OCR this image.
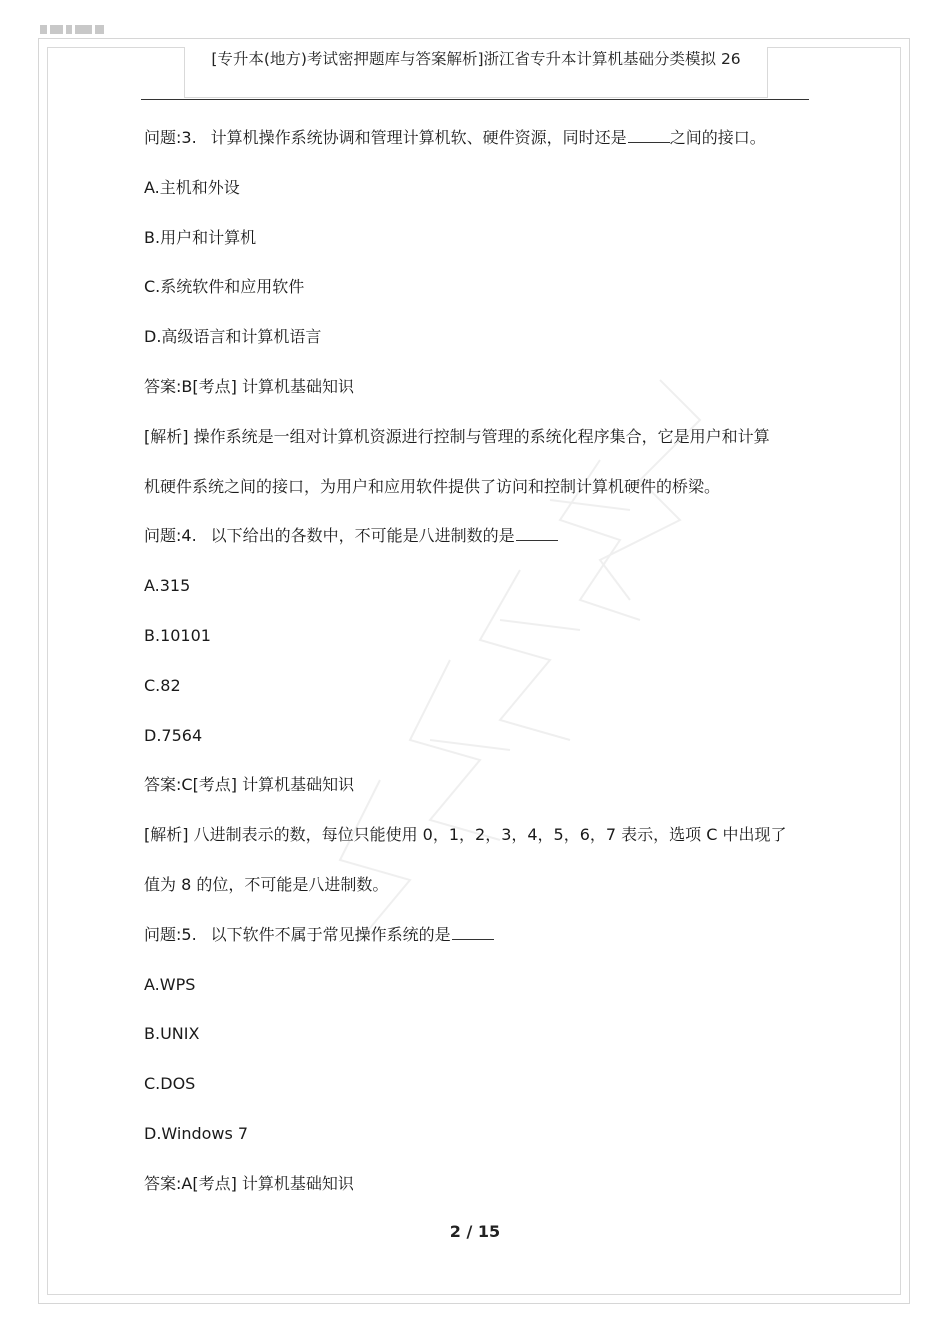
[专升本(地方)考试密押题库与答案解析]浙江省专升本计算机基础分类模拟 26
问题:3. 计算机操作系统协调和管理计算机软、硬件资源，同时还是	之间的接口。
A.主机和外设
B.用户和计算机
C.系统软件和应用软件
D.高级语言和计算机语言
答案:B[考点] 计算机基础知识
[解析] 操作系统是一组对计算机资源进行控制与管理的系统化程序集合，它是用户和计算
机硬件系统之间的接口，为用户和应用软件提供了访问和控制计算机硬件的桥梁。
问题:4. 以下给出的各数中，不可能是八进制数的是
A.315
B.10101
C.82
D.7564
答案:C[考点] 计算机基础知识
[解析] 八进制表示的数，每位只能使用 0，1，2，3，4，5，6，7 表示，选项 C 中出现了
值为 8 的位，不可能是八进制数。
问题:5. 以下软件不属于常见操作系统的是
A.WPS
B.UNIX
C.DOS
D.Windows 7
答案:A[考点] 计算机基础知识
2 / 15
